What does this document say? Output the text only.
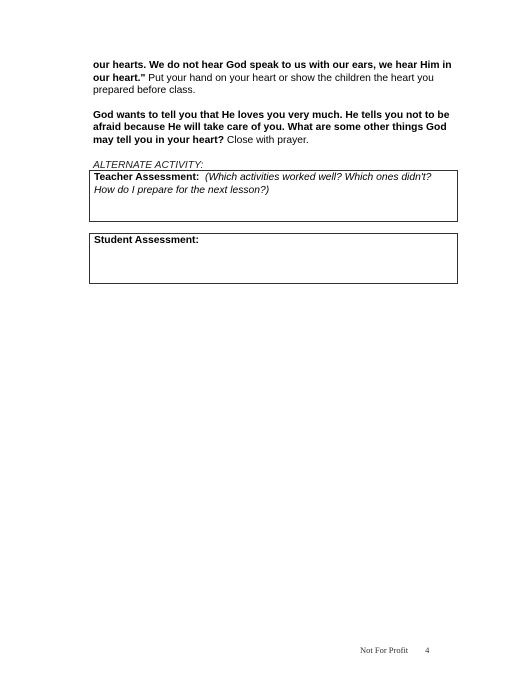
our hearts. We do not hear God speak to us with our ears, we hear Him in our heart." Put your hand on your heart or show the children the heart you prepared before class.

God wants to tell you that He loves you very much. He tells you not to be afraid because He will take care of you. What are some other things God may tell you in your heart? Close with prayer.

ALTERNATE ACTIVITY:

Teacher Assessment: (Which activities worked well? Which ones didn't? How do I prepare for the next lesson?)
Student Assessment:
Not For Profit 4
